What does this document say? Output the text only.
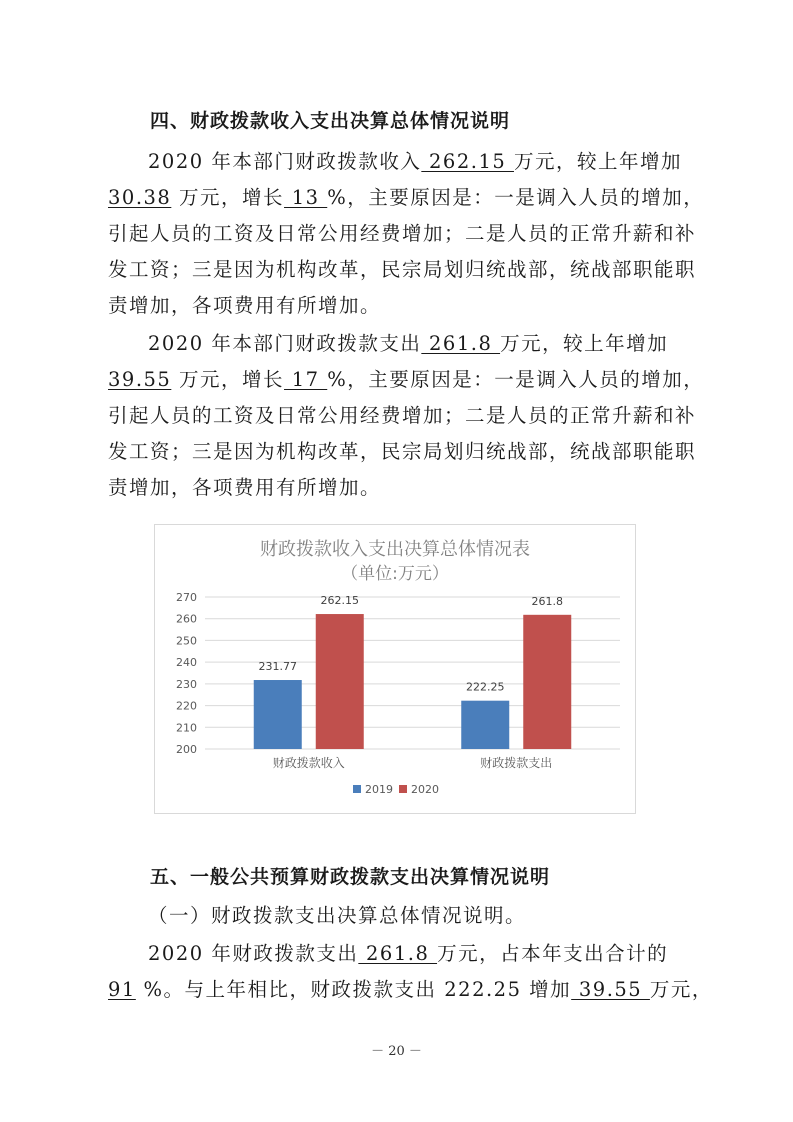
四、财政拨款收入支出决算总体情况说明
2020 年本部门财政拨款收入 262.15 万元，较上年增加
30.38 万元，增长 13 %，主要原因是：一是调入人员的增加，
引起人员的工资及日常公用经费增加；二是人员的正常升薪和补
发工资；三是因为机构改革，民宗局划归统战部，统战部职能职
责增加，各项费用有所增加。
2020 年本部门财政拨款支出 261.8 万元，较上年增加
39.55 万元，增长 17 %，主要原因是：一是调入人员的增加，
引起人员的工资及日常公用经费增加；二是人员的正常升薪和补
发工资；三是因为机构改革，民宗局划归统战部，统战部职能职
责增加，各项费用有所增加。
财政拨款收入支出决算总体情况表
（单位:万元）
200
210
220
230
240
250
260
270
231.77
262.15
财政拨款收入
222.25
261.8
财政拨款支出
2019 2020
五、一般公共预算财政拨款支出决算情况说明
（一）财政拨款支出决算总体情况说明。
2020 年财政拨款支出 261.8 万元，占本年支出合计的
91 %。与上年相比，财政拨款支出 222.25 增加 39.55 万元，
－ 20 －
